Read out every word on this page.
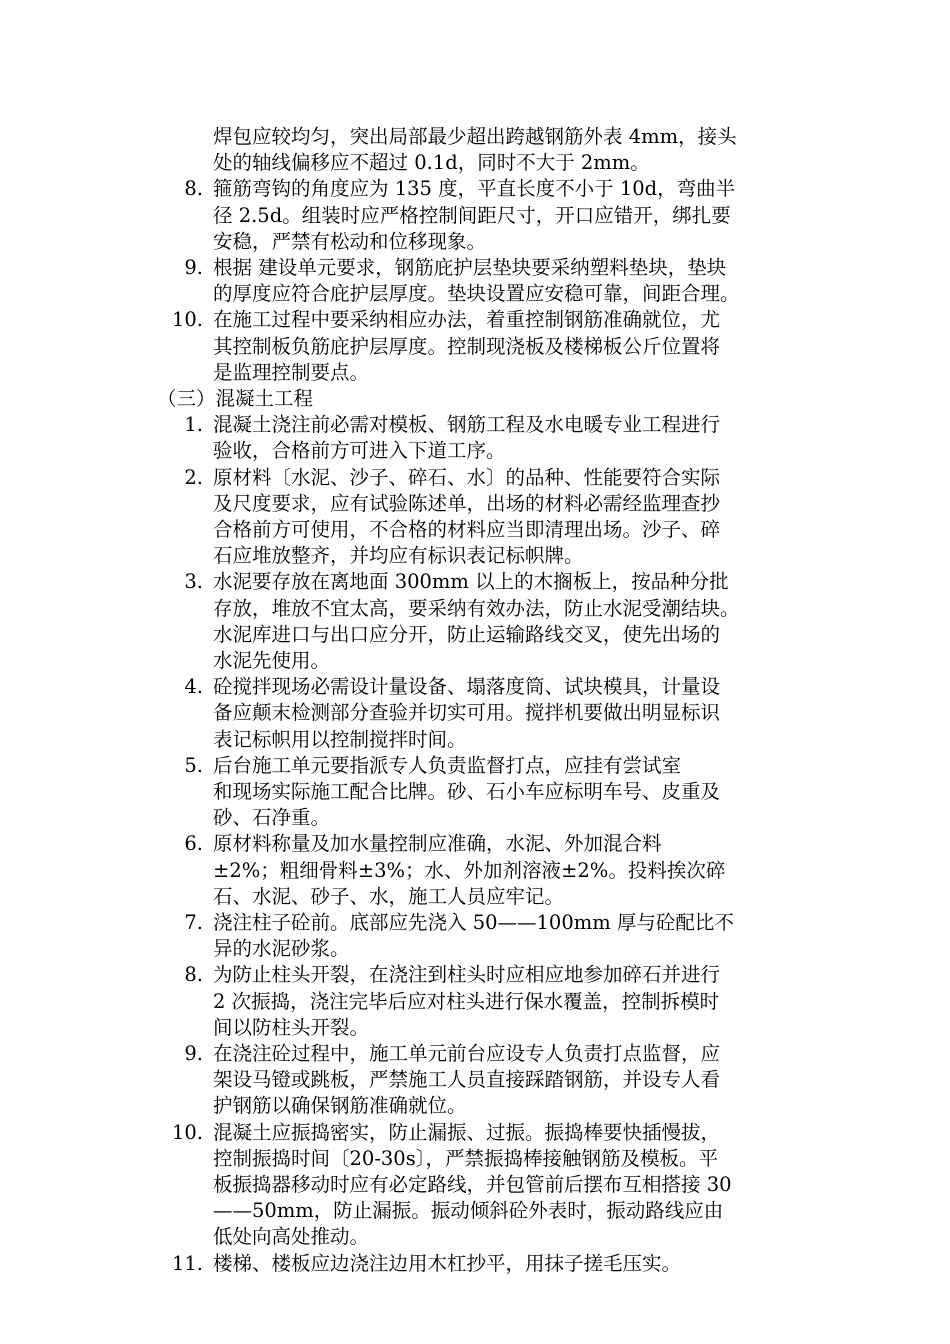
焊包应较均匀，突出局部最少超出跨越钢筋外表 4mm，接头
处的轴线偏移应不超过 0.1d，同时不大于 2mm。
8. 箍筋弯钩的角度应为 135 度，平直长度不小于 10d，弯曲半
径 2.5d。组装时应严格控制间距尺寸，开口应错开，绑扎要
安稳，严禁有松动和位移现象。
9. 根据 建设单元要求，钢筋庇护层垫块要采纳塑料垫块，垫块
的厚度应符合庇护层厚度。垫块设置应安稳可靠，间距合理。
10. 在施工过程中要采纳相应办法，着重控制钢筋准确就位，尤
其控制板负筋庇护层厚度。控制现浇板及楼梯板公斤位置将
是监理控制要点。
（三）混凝土工程
1. 混凝土浇注前必需对模板、钢筋工程及水电暖专业工程进行
验收，合格前方可进入下道工序。
2. 原材料〔水泥、沙子、碎石、水〕的品种、性能要符合实际
及尺度要求，应有试验陈述单，出场的材料必需经监理查抄
合格前方可使用，不合格的材料应当即清理出场。沙子、碎
石应堆放整齐，并均应有标识表记标帜牌。
3. 水泥要存放在离地面 300mm 以上的木搁板上，按品种分批
存放，堆放不宜太高，要采纳有效办法，防止水泥受潮结块。
水泥库进口与出口应分开，防止运输路线交叉，使先出场的
水泥先使用。
4. 砼搅拌现场必需设计量设备、塌落度筒、试块模具，计量设
备应颠末检测部分查验并切实可用。搅拌机要做出明显标识
表记标帜用以控制搅拌时间。
5. 后台施工单元要指派专人负责监督打点，应挂有尝试室
和现场实际施工配合比牌。砂、石小车应标明车号、皮重及
砂、石净重。
6. 原材料称量及加水量控制应准确，水泥、外加混合料
±2%；粗细骨料±3%；水、外加剂溶液±2%。投料挨次碎
石、水泥、砂子、水，施工人员应牢记。
7. 浇注柱子砼前。底部应先浇入 50——100mm 厚与砼配比不
异的水泥砂浆。
8. 为防止柱头开裂，在浇注到柱头时应相应地参加碎石并进行
2 次振捣，浇注完毕后应对柱头进行保水覆盖，控制拆模时
间以防柱头开裂。
9. 在浇注砼过程中，施工单元前台应设专人负责打点监督，应
架设马镫或跳板，严禁施工人员直接踩踏钢筋，并设专人看
护钢筋以确保钢筋准确就位。
10. 混凝土应振捣密实，防止漏振、过振。振捣棒要快插慢拔，
控制振捣时间〔20-30s〕，严禁振捣棒接触钢筋及模板。平
板振捣器移动时应有必定路线，并包管前后摆布互相搭接 30
——50mm，防止漏振。振动倾斜砼外表时，振动路线应由
低处向高处推动。
11. 楼梯、楼板应边浇注边用木杠抄平，用抹子搓毛压实。
